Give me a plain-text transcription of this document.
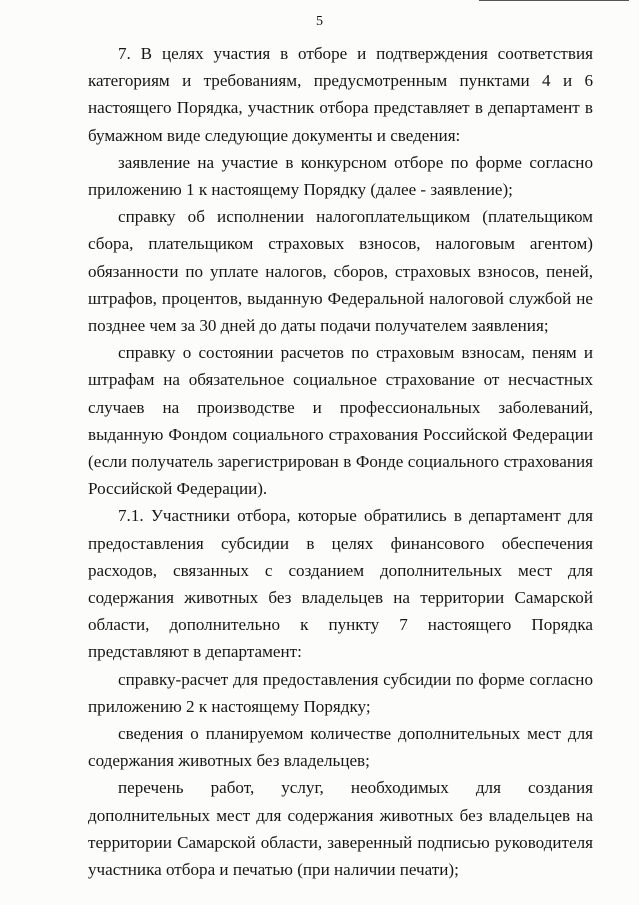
5

7. В целях участия в отборе и подтверждения соответствия категориям и требованиям, предусмотренным пунктами 4 и 6 настоящего Порядка, участник отбора представляет в департамент в бумажном виде следующие документы и сведения:

заявление на участие в конкурсном отборе по форме согласно приложению 1 к настоящему Порядку (далее - заявление);

справку об исполнении налогоплательщиком (плательщиком сбора, плательщиком страховых взносов, налоговым агентом) обязанности по уплате налогов, сборов, страховых взносов, пеней, штрафов, процентов, выданную Федеральной налоговой службой не позднее чем за 30 дней до даты подачи получателем заявления;

справку о состоянии расчетов по страховым взносам, пеням и штрафам на обязательное социальное страхование от несчастных случаев на производстве и профессиональных заболеваний, выданную Фондом социального страхования Российской Федерации (если получатель зарегистрирован в Фонде социального страхования Российской Федерации).

7.1. Участники отбора, которые обратились в департамент для предоставления субсидии в целях финансового обеспечения расходов, связанных с созданием дополнительных мест для содержания животных без владельцев на территории Самарской области, дополнительно к пункту 7 настоящего Порядка представляют в департамент:

справку-расчет для предоставления субсидии по форме согласно приложению 2 к настоящему Порядку;

сведения о планируемом количестве дополнительных мест для содержания животных без владельцев;

перечень работ, услуг, необходимых для создания дополнительных мест для содержания животных без владельцев на территории Самарской области, заверенный подписью руководителя участника отбора и печатью (при наличии печати);
